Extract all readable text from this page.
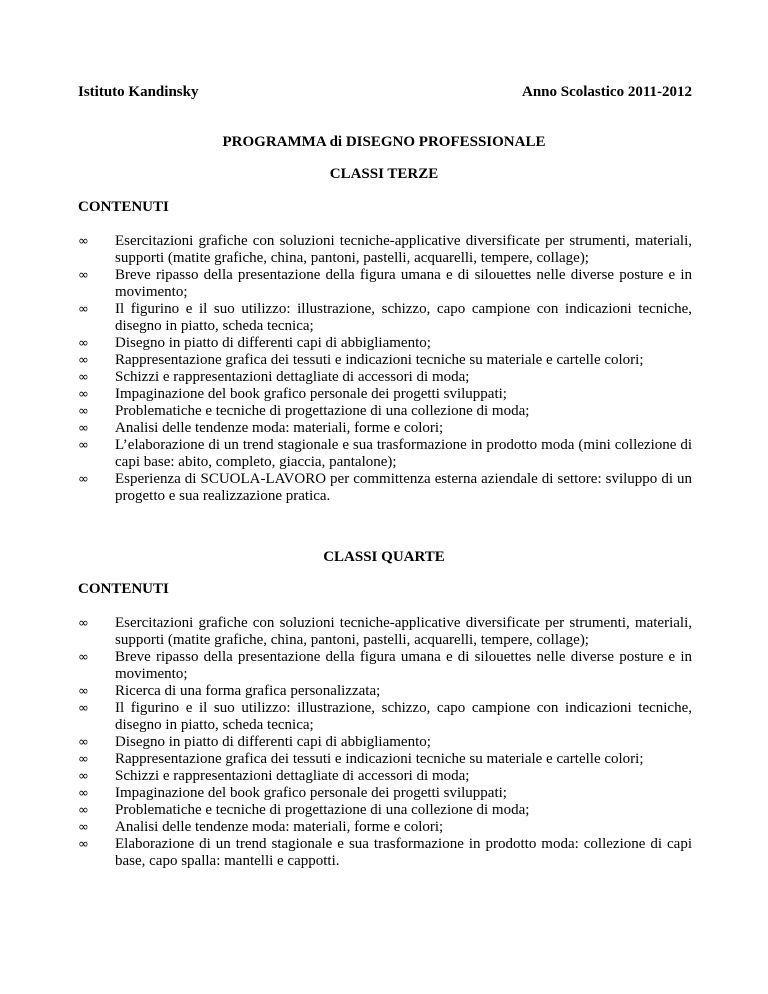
Istituto Kandinsky	Anno Scolastico 2011-2012
PROGRAMMA di DISEGNO PROFESSIONALE
CLASSI TERZE
CONTENUTI
∞	Esercitazioni grafiche con soluzioni tecniche-applicative diversificate per strumenti, materiali, supporti (matite grafiche, china, pantoni, pastelli, acquarelli, tempere, collage);
∞	Breve ripasso della presentazione della figura umana e di silouettes nelle diverse posture e in movimento;
∞	Il figurino e il suo utilizzo: illustrazione, schizzo, capo campione con indicazioni tecniche, disegno in piatto, scheda tecnica;
∞	Disegno in piatto di differenti capi di abbigliamento;
∞	Rappresentazione grafica dei tessuti e indicazioni tecniche su materiale e cartelle colori;
∞	Schizzi e rappresentazioni dettagliate di accessori di moda;
∞	Impaginazione del book grafico personale dei progetti sviluppati;
∞	Problematiche e tecniche di progettazione di una collezione di moda;
∞	Analisi delle tendenze moda: materiali, forme e colori;
∞	L’elaborazione di un trend stagionale e sua trasformazione in prodotto moda (mini collezione di capi base: abito, completo, giaccia, pantalone);
∞	Esperienza di SCUOLA-LAVORO per committenza esterna aziendale di settore: sviluppo di un progetto e sua realizzazione pratica.
CLASSI QUARTE
CONTENUTI
∞	Esercitazioni grafiche con soluzioni tecniche-applicative diversificate per strumenti, materiali, supporti (matite grafiche, china, pantoni, pastelli, acquarelli, tempere, collage);
∞	Breve ripasso della presentazione della figura umana e di silouettes nelle diverse posture e in movimento;
∞	Ricerca di una forma grafica personalizzata;
∞	Il figurino e il suo utilizzo: illustrazione, schizzo, capo campione con indicazioni tecniche, disegno in piatto, scheda tecnica;
∞	Disegno in piatto di differenti capi di abbigliamento;
∞	Rappresentazione grafica dei tessuti e indicazioni tecniche su materiale e cartelle colori;
∞	Schizzi e rappresentazioni dettagliate di accessori di moda;
∞	Impaginazione del book grafico personale dei progetti sviluppati;
∞	Problematiche e tecniche di progettazione di una collezione di moda;
∞	Analisi delle tendenze moda: materiali, forme e colori;
∞	Elaborazione di un trend stagionale e sua trasformazione in prodotto moda: collezione di capi base, capo spalla: mantelli e cappotti.
